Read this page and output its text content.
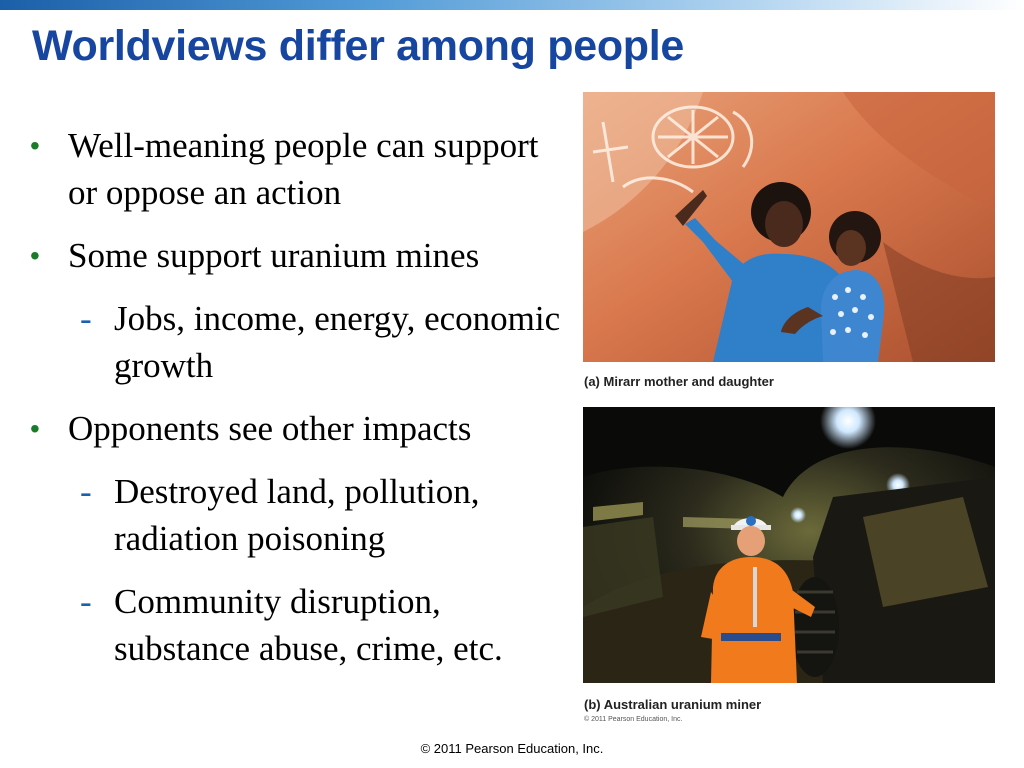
Worldviews differ among people
• Well-meaning people can support or oppose an action
• Some support uranium mines
- Jobs, income, energy, economic growth
• Opponents see other impacts
- Destroyed land, pollution, radiation poisoning
- Community disruption, substance abuse, crime, etc.
(a) Mirarr mother and daughter
(b) Australian uranium miner
© 2011 Pearson Education, Inc.
© 2011 Pearson Education, Inc.
